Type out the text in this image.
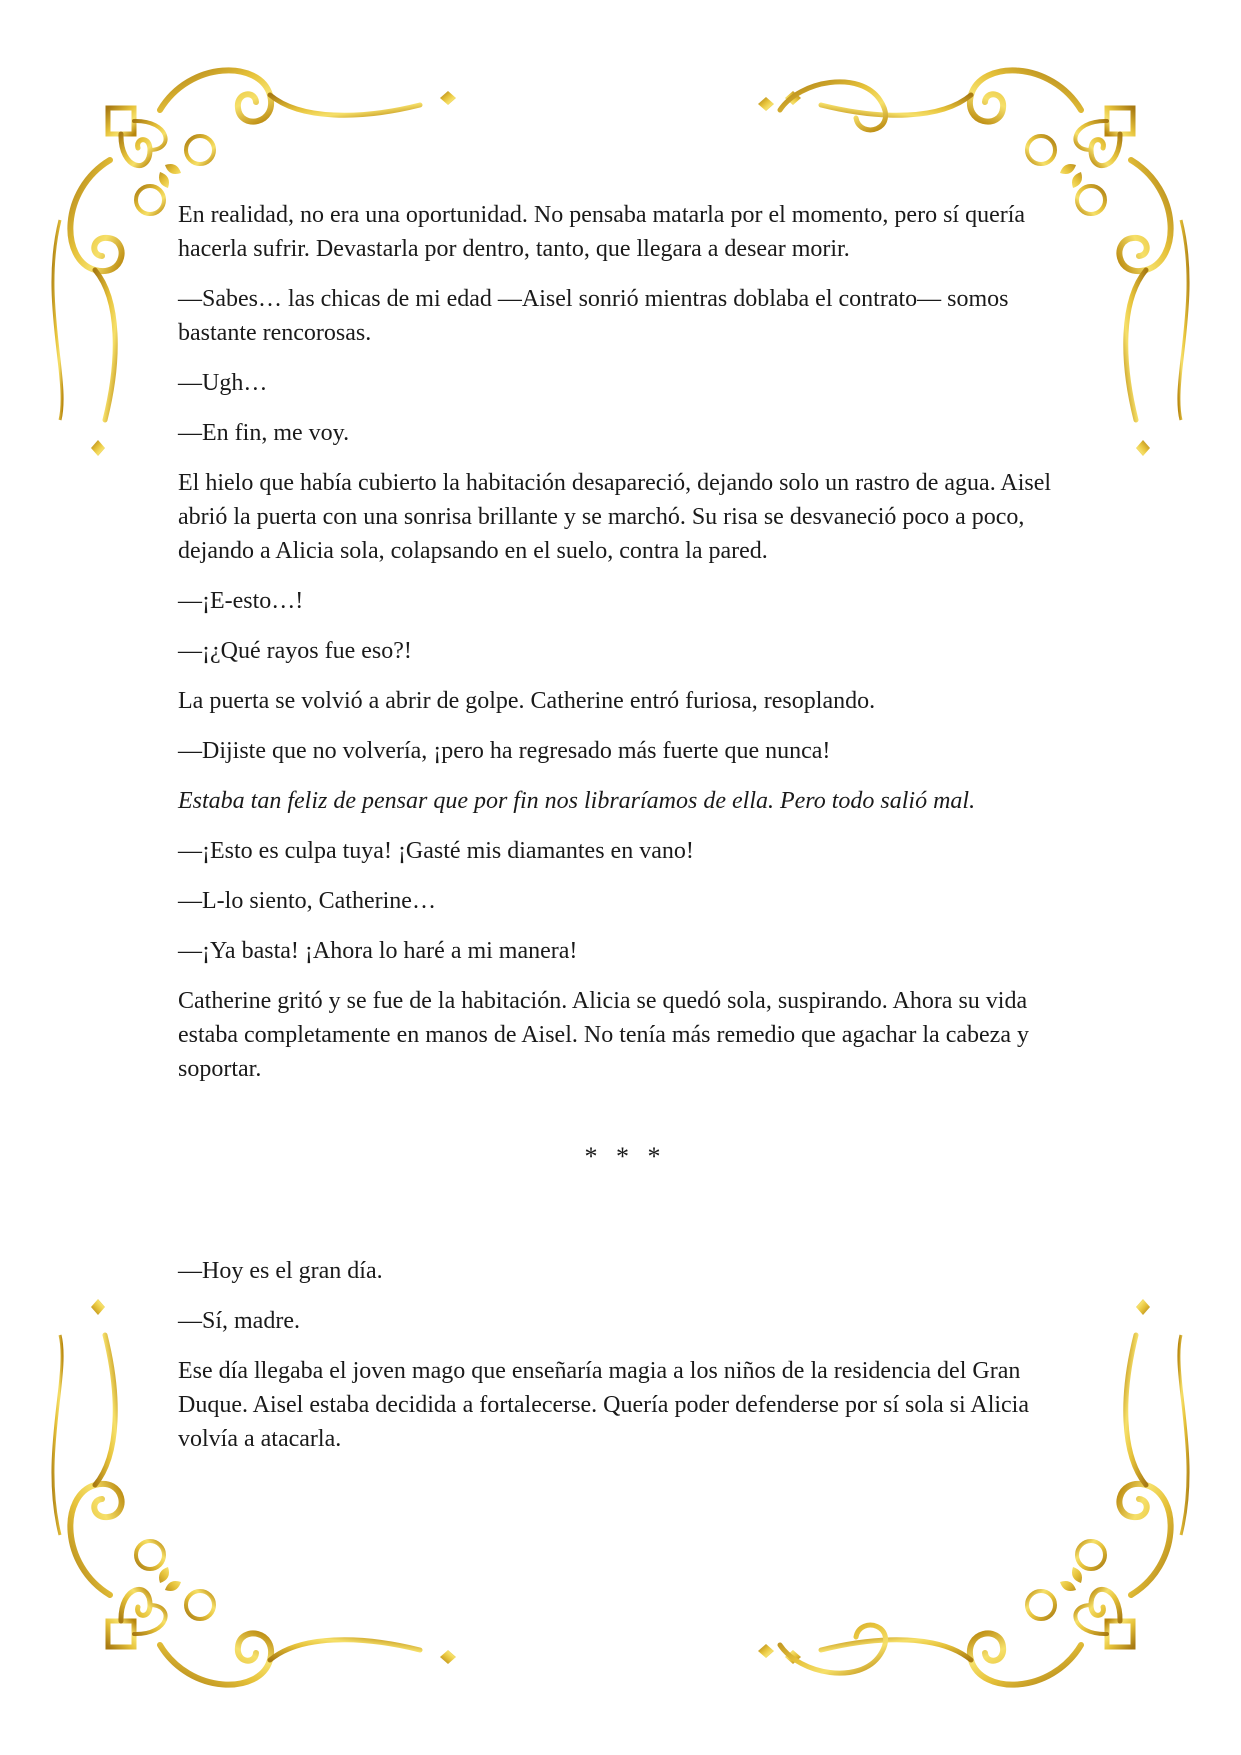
En realidad, no era una oportunidad. No pensaba matarla por el momento, pero sí quería hacerla sufrir. Devastarla por dentro, tanto, que llegara a desear morir.

—Sabes… las chicas de mi edad —Aisel sonrió mientras doblaba el contrato— somos bastante rencorosas.

—Ugh…

—En fin, me voy.

El hielo que había cubierto la habitación desapareció, dejando solo un rastro de agua. Aisel abrió la puerta con una sonrisa brillante y se marchó. Su risa se desvaneció poco a poco, dejando a Alicia sola, colapsando en el suelo, contra la pared.

—¡E-esto…!

—¡¿Qué rayos fue eso?!

La puerta se volvió a abrir de golpe. Catherine entró furiosa, resoplando.

—Dijiste que no volvería, ¡pero ha regresado más fuerte que nunca!

Estaba tan feliz de pensar que por fin nos libraríamos de ella. Pero todo salió mal.

—¡Esto es culpa tuya! ¡Gasté mis diamantes en vano!

—L-lo siento, Catherine…

—¡Ya basta! ¡Ahora lo haré a mi manera!

Catherine gritó y se fue de la habitación. Alicia se quedó sola, suspirando. Ahora su vida estaba completamente en manos de Aisel. No tenía más remedio que agachar la cabeza y soportar.

* * *

—Hoy es el gran día.

—Sí, madre.

Ese día llegaba el joven mago que enseñaría magia a los niños de la residencia del Gran Duque. Aisel estaba decidida a fortalecerse. Quería poder defenderse por sí sola si Alicia volvía a atacarla.
